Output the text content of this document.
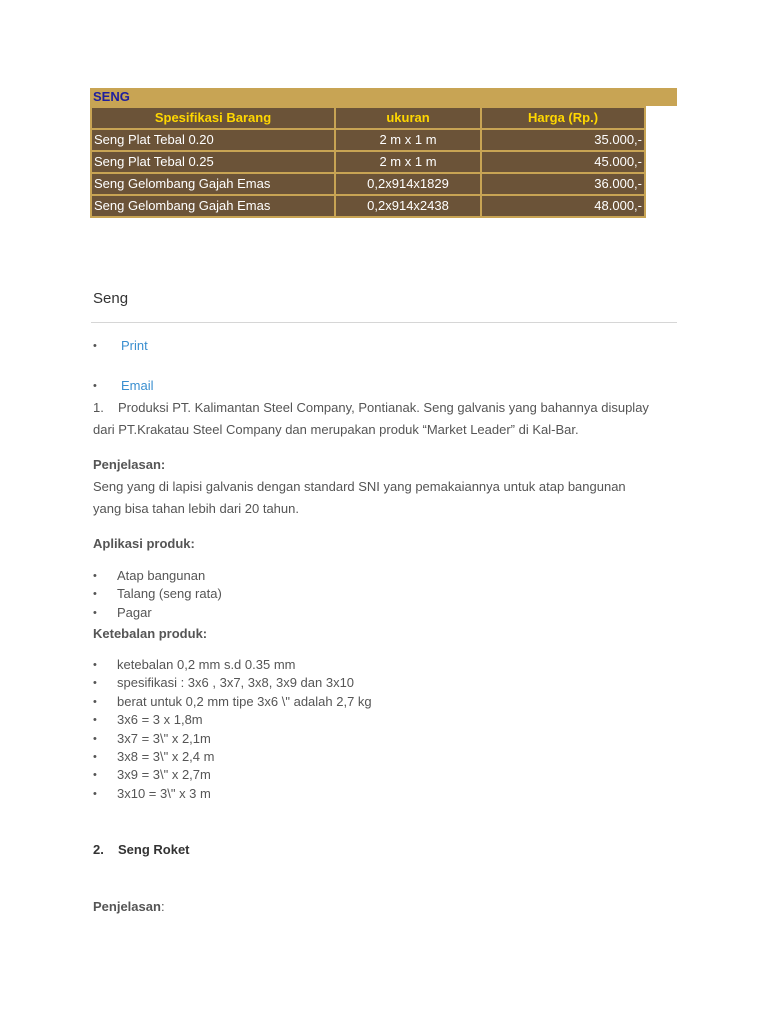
SENG
Spesifikasi Barang	ukuran	Harga (Rp.)
Seng Plat Tebal 0.20	2 m x 1 m	35.000,-
Seng Plat Tebal 0.25	2 m x 1 m	45.000,-
Seng Gelombang Gajah Emas	0,2x914x1829	36.000,-
Seng Gelombang Gajah Emas	0,2x914x2438	48.000,-
Seng
• Print
• Email

1. Produksi PT. Kalimantan Steel Company, Pontianak. Seng galvanis yang bahannya disuplay
dari PT.Krakatau Steel Company dan merupakan produk “Market Leader” di Kal-Bar.

Penjelasan:

Seng yang di lapisi galvanis dengan standard SNI yang pemakaiannya untuk atap bangunan
yang bisa tahan lebih dari 20 tahun.

Aplikasi produk:

• Atap bangunan
• Talang (seng rata)
• Pagar

Ketebalan produk:

• ketebalan 0,2 mm s.d 0.35 mm
• spesifikasi : 3x6 , 3x7, 3x8, 3x9 dan 3x10
• berat untuk 0,2 mm tipe 3x6 \" adalah 2,7 kg
• 3x6 = 3 x 1,8m
• 3x7 = 3\" x 2,1m
• 3x8 = 3\" x 2,4 m
• 3x9 = 3\" x 2,7m
• 3x10 = 3\" x 3 m

2. Seng Roket

Penjelasan:
